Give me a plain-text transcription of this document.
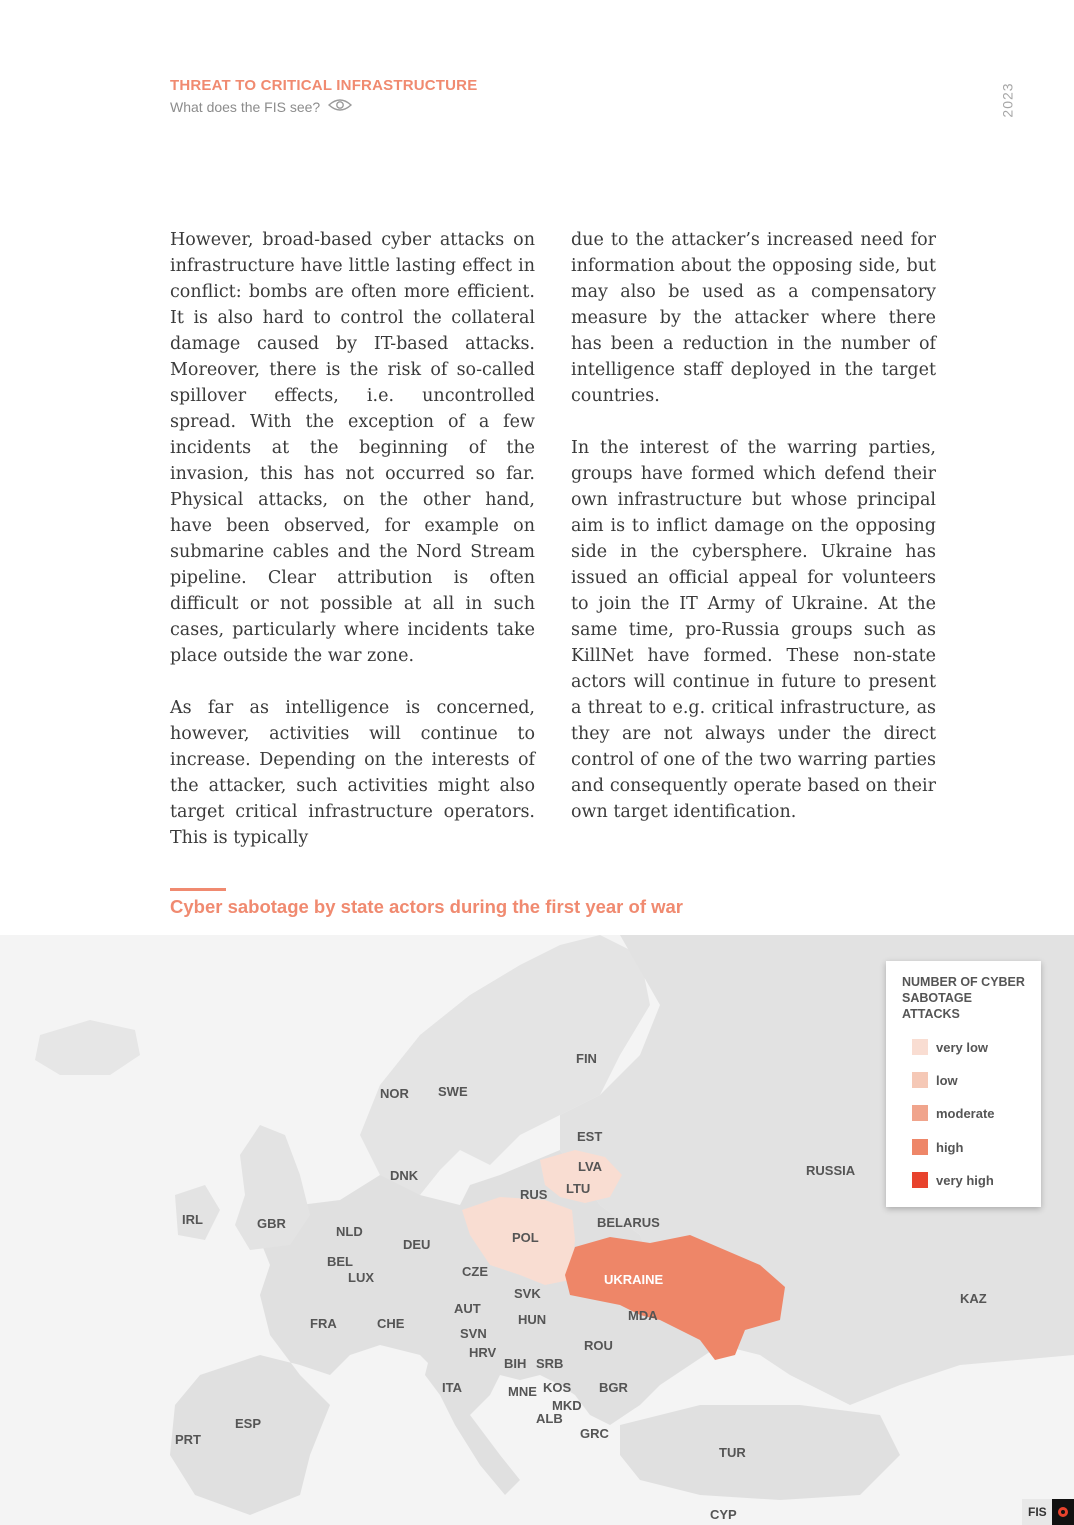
THREAT TO CRITICAL INFRASTRUCTURE
What does the FIS see?	2023

However, broad-based cyber attacks on infrastructure have little lasting effect in conflict: bombs are often more efficient. It is also hard to control the collateral damage caused by IT-based attacks. Moreover, there is the risk of so-called spillover effects, i.e. uncontrolled spread. With the exception of a few incidents at the beginning of the invasion, this has not occurred so far. Physical attacks, on the other hand, have been observed, for example on submarine cables and the Nord Stream pipeline. Clear attribution is often difficult or not possible at all in such cases, particularly where incidents take place outside the war zone.

As far as intelligence is concerned, however, activities will continue to increase. Depending on the interests of the attacker, such activities might also target critical infrastructure operators. This is typically

due to the attacker’s increased need for information about the opposing side, but may also be used as a compensatory measure by the attacker where there has been a reduction in the number of intelligence staff deployed in the target countries.

In the interest of the warring parties, groups have formed which defend their own infrastructure but whose principal aim is to inflict damage on the opposing side in the cybersphere. Ukraine has issued an official appeal for volunteers to join the IT Army of Ukraine. At the same time, pro-Russia groups such as KillNet have formed. These non-state actors will continue in future to present a threat to e.g. critical infrastructure, as they are not always under the direct control of one of the two warring parties and consequently operate based on their own target identification.

Cyber sabotage by state actors during the first year of war
FIN
NOR SWE
EST
LVA
LTU
RUS
RUSSIA
DNK
IRL	GBR
NLD
BEL
LUX
DEU	POL
BELARUS
CZE
UKRAINE
SVK
AUT
HUN	MDA
FRA	CHE
SVN
HRV	ROU
BIH SRB
ITA	MNE KOS BGR
MKD
ALB
GRC
ESP
PRT
TUR
CYP
KAZ
NUMBER OF CYBER SABOTAGE ATTACKS
very low
low
moderate
high
very high
FIS
